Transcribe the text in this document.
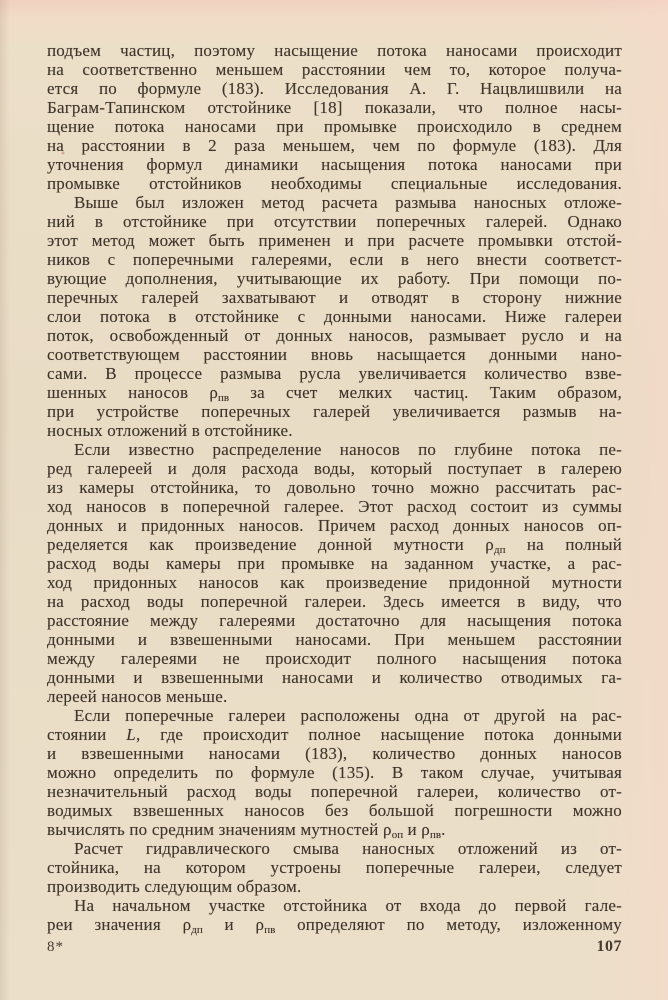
подъем частиц, поэтому насыщение потока наносами происходит
на соответственно меньшем расстоянии чем то, которое получа-
ется по формуле (183). Исследования А. Г. Нацвлишвили на
Баграм-Тапинском отстойнике [18] показали, что полное насы-
щение потока наносами при промывке происходило в среднем
на расстоянии в 2 раза меньшем, чем по формуле (183). Для
уточнения формул динамики насыщения потока наносами при
промывке отстойников необходимы специальные исследования.
Выше был изложен метод расчета размыва наносных отложе-
ний в отстойнике при отсутствии поперечных галерей. Однако
этот метод может быть применен и при расчете промывки отстой-
ников с поперечными галереями, если в него внести соответст-
вующие дополнения, учитывающие их работу. При помощи по-
перечных галерей захватывают и отводят в сторону нижние
слои потока в отстойнике с донными наносами. Ниже галереи
поток, освобожденный от донных наносов, размывает русло и на
соответствующем расстоянии вновь насыщается донными нано-
сами. В процессе размыва русла увеличивается количество взве-
шенных наносов $\rho_{пв}$ за счет мелких частиц. Таким образом,
при устройстве поперечных галерей увеличивается размыв на-
носных отложений в отстойнике.
Если известно распределение наносов по глубине потока пе-
ред галереей и доля расхода воды, который поступает в галерею
из камеры отстойника, то довольно точно можно рассчитать рас-
ход наносов в поперечной галерее. Этот расход состоит из суммы
донных и придонных наносов. Причем расход донных наносов оп-
ределяется как произведение донной мутности $\rho_{дп}$ на полный
расход воды камеры при промывке на заданном участке, а рас-
ход придонных наносов как произведение придонной мутности
на расход воды поперечной галереи. Здесь имеется в виду, что
расстояние между галереями достаточно для насыщения потока
донными и взвешенными наносами. При меньшем расстоянии
между галереями не происходит полного насыщения потока
донными и взвешенными наносами и количество отводимых га-
лереей наносов меньше.
Если поперечные галереи расположены одна от другой на рас-
стоянии L, где происходит полное насыщение потока донными
и взвешенными наносами (183), количество донных наносов
можно определить по формуле (135). В таком случае, учитывая
незначительный расход воды поперечной галереи, количество от-
водимых взвешенных наносов без большой погрешности можно
вычислять по средним значениям мутностей $\rho_{оп}$ и $\rho_{пв}$.
Расчет гидравлического смыва наносных отложений из от-
стойника, на котором устроены поперечные галереи, следует
производить следующим образом.
На начальном участке отстойника от входа до первой гале-
реи значения $\rho_{дп}$ и $\rho_{пв}$ определяют по методу, изложенному
8*	107
